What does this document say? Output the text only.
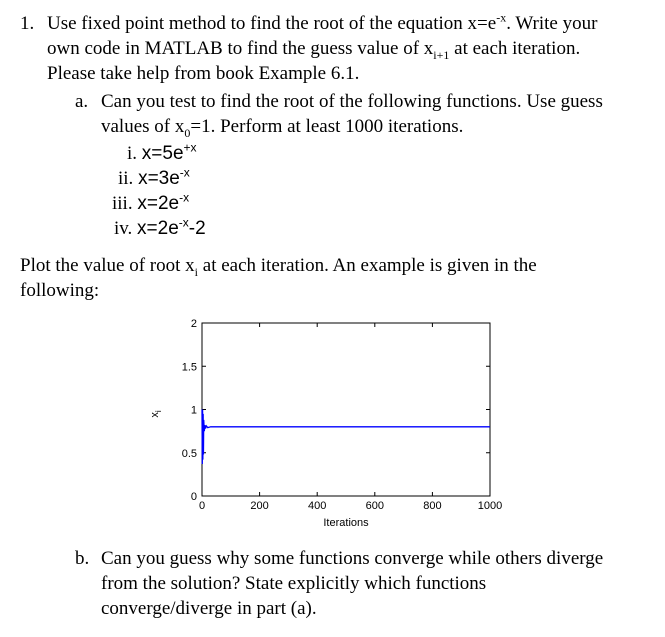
1. Use fixed point method to find the root of the equation $x=e^{-x}$. Write your
own code in MATLAB to find the guess value of $x_{i+1}$ at each iteration.
Please take help from book Example 6.1.
a. Can you test to find the root of the following functions. Use guess
values of $x_0=1$. Perform at least 1000 iterations.
i. $x=5e^{+x}$
ii. $x=3e^{-x}$
iii. $x=2e^{-x}$
iv. $x=2e^{-x}-2$
Plot the value of root $x_i$ at each iteration. An example is given in the
following:
0	200	400	600	800	1000
0
0.5
1
1.5
2
Iterations
$x_i$
b. Can you guess why some functions converge while others diverge
from the solution? State explicitly which functions
converge/diverge in part (a).
